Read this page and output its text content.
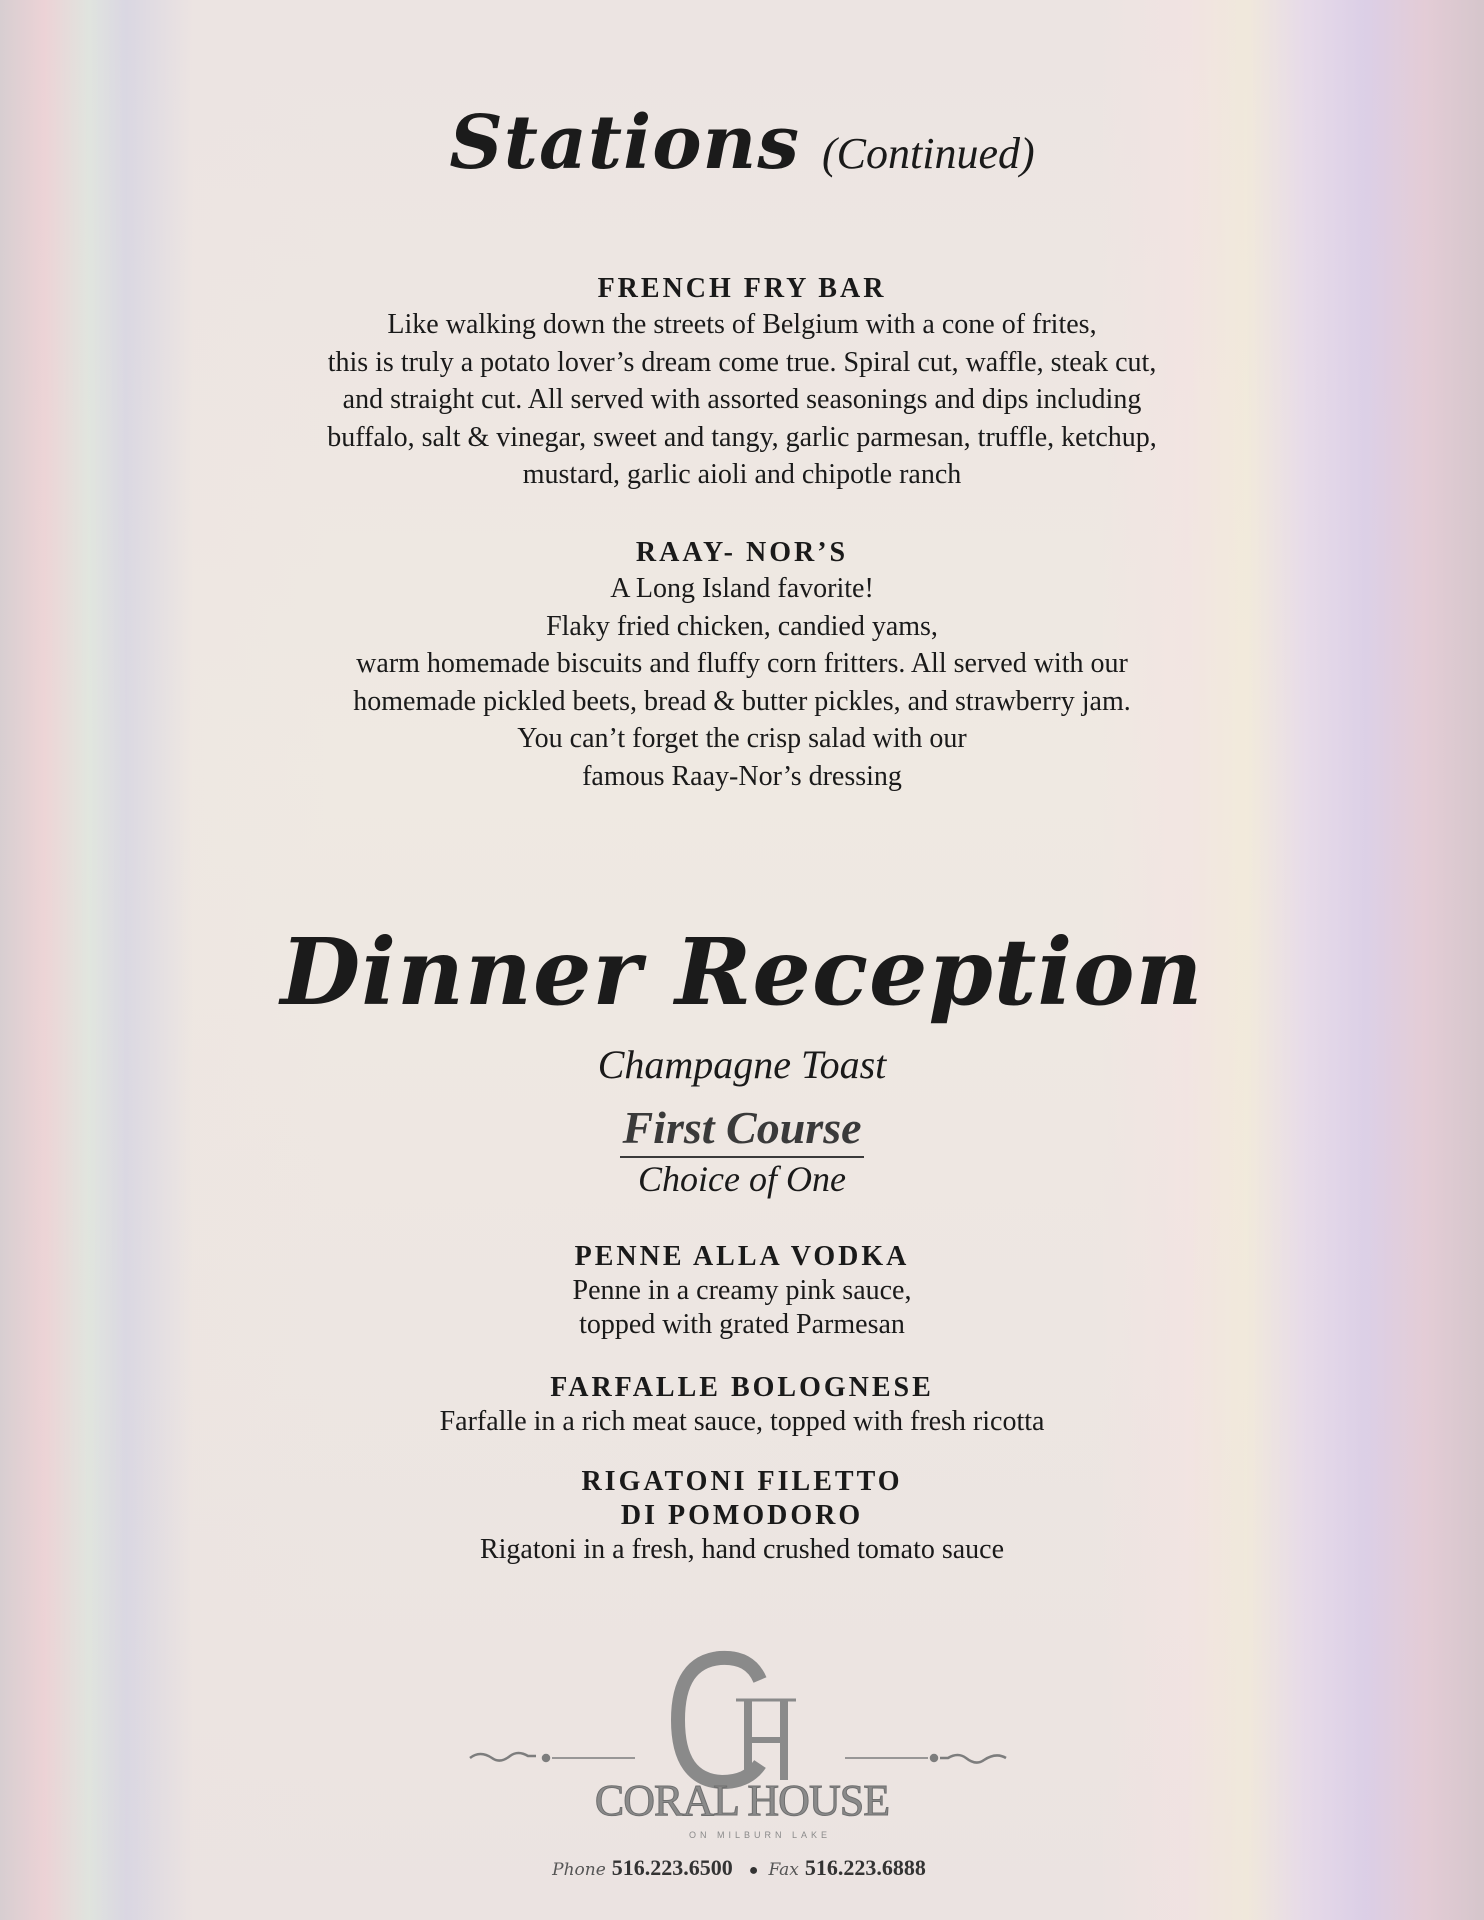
Stations (Continued)
FRENCH FRY BAR
Like walking down the streets of Belgium with a cone of frites,
this is truly a potato lover’s dream come true. Spiral cut, waffle, steak cut,
and straight cut. All served with assorted seasonings and dips including
buffalo, salt & vinegar, sweet and tangy, garlic parmesan, truffle, ketchup,
mustard, garlic aioli and chipotle ranch
RAAY- NOR’S
A Long Island favorite!
Flaky fried chicken, candied yams,
warm homemade biscuits and fluffy corn fritters. All served with our
homemade pickled beets, bread & butter pickles, and strawberry jam.
You can’t forget the crisp salad with our
famous Raay-Nor’s dressing
Dinner Reception
Champagne Toast
First Course
Choice of One
PENNE ALLA VODKA
Penne in a creamy pink sauce,
topped with grated Parmesan
FARFALLE BOLOGNESE
Farfalle in a rich meat sauce, topped with fresh ricotta
RIGATONI FILETTO
DI POMODORO
Rigatoni in a fresh, hand crushed tomato sauce
CORAL HOUSE
ON MILBURN LAKE
Phone 516.223.6500 ● Fax 516.223.6888
